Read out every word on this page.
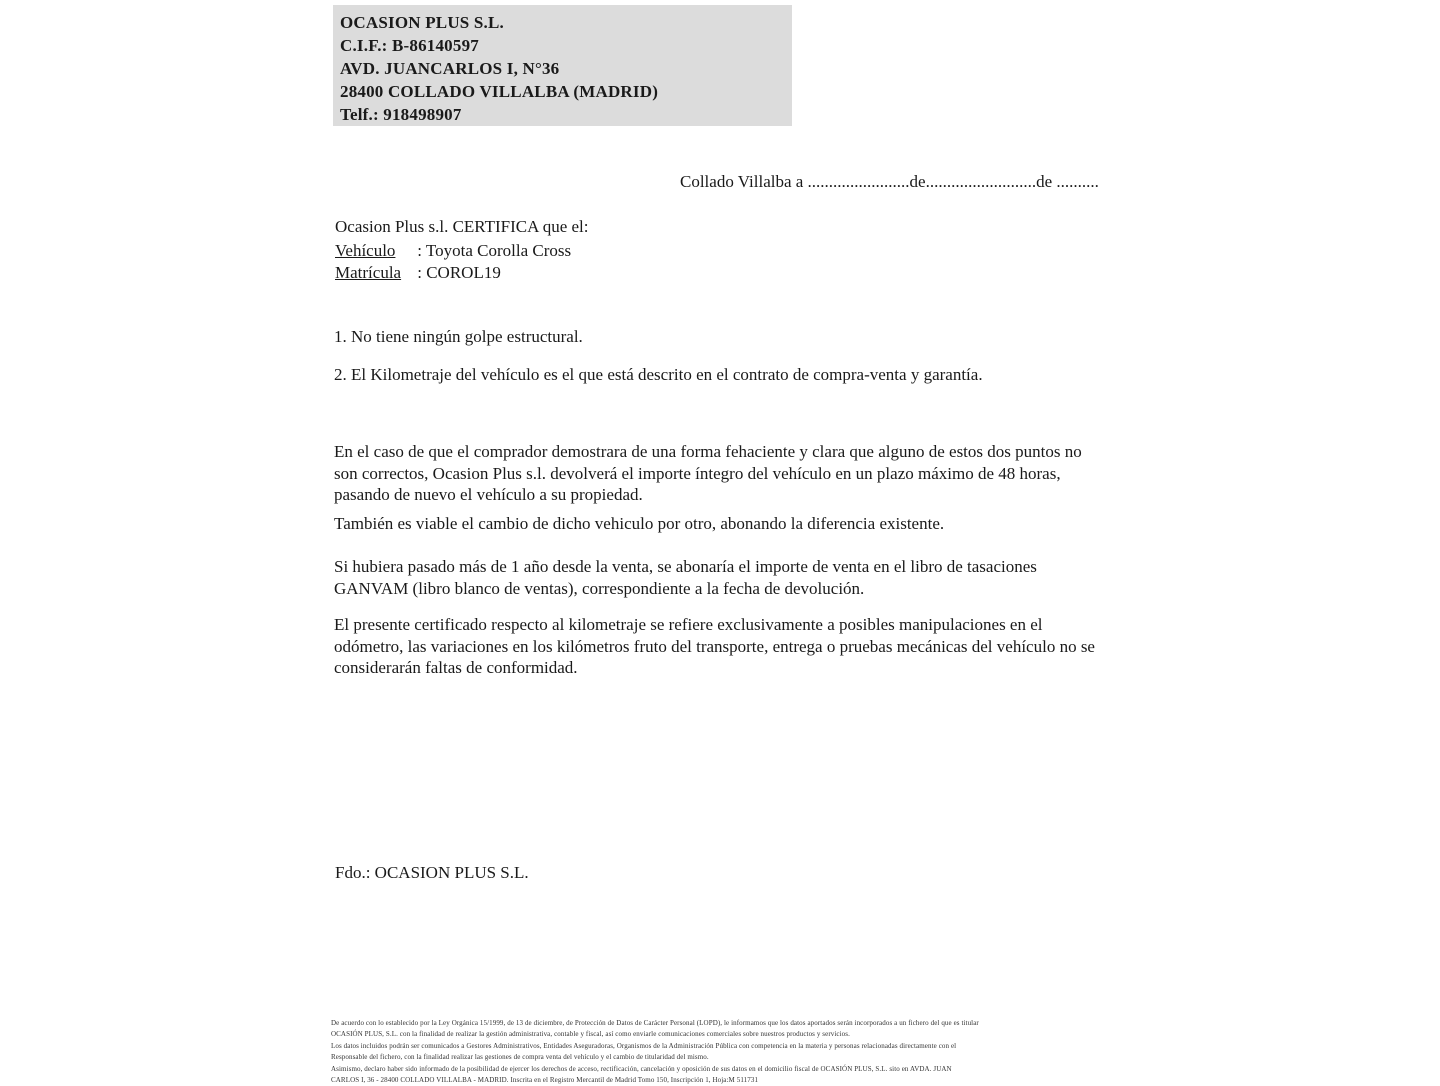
OCASION PLUS S.L.
C.I.F.: B-86140597
AVD. JUANCARLOS I, N°36
28400 COLLADO VILLALBA (MADRID)
Telf.: 918498907
Collado Villalba a ........................de..........................de ..........
Ocasion Plus s.l. CERTIFICA que el:
Vehículo : Toyota Corolla Cross
Matrícula : COROL19
1. No tiene ningún golpe estructural.
2. El Kilometraje del vehículo es el que está descrito en el contrato de compra-venta y garantía.
En el caso de que el comprador demostrara de una forma fehaciente y clara que alguno de estos dos puntos no son correctos, Ocasion Plus s.l. devolverá el importe íntegro del vehículo en un plazo máximo de 48 horas, pasando de nuevo el vehículo a su propiedad.
También es viable el cambio de dicho vehiculo por otro, abonando la diferencia existente.
Si hubiera pasado más de 1 año desde la venta, se abonaría el importe de venta en el libro de tasaciones GANVAM (libro blanco de ventas), correspondiente a la fecha de devolución.
El presente certificado respecto al kilometraje se refiere exclusivamente a posibles manipulaciones en el odómetro, las variaciones en los kilómetros fruto del transporte, entrega o pruebas mecánicas del vehículo no se considerarán faltas de conformidad.
Fdo.: OCASION PLUS S.L.
De acuerdo con lo establecido por la Ley Orgánica 15/1999, de 13 de diciembre, de Protección de Datos de Carácter Personal (LOPD), le informamos que los datos aportados serán incorporados a un fichero del que es titular
OCASIÓN PLUS, S.L. con la finalidad de realizar la gestión administrativa, contable y fiscal, así como enviarle comunicaciones comerciales sobre nuestros productos y servicios.
Los datos incluidos podrán ser comunicados a Gestores Administrativos, Entidades Aseguradoras, Organismos de la Administración Pública con competencia en la materia y personas relacionadas directamente con el
Responsable del fichero, con la finalidad realizar las gestiones de compra venta del vehículo y el cambio de titularidad del mismo.
Asimismo, declaro haber sido informado de la posibilidad de ejercer los derechos de acceso, rectificación, cancelación y oposición de sus datos en el domicilio fiscal de OCASIÓN PLUS, S.L. sito en AVDA. JUAN
CARLOS I, 36 - 28400 COLLADO VILLALBA - MADRID. Inscrita en el Registro Mercantil de Madrid Tomo 150, Inscripción 1, Hoja:M 511731
